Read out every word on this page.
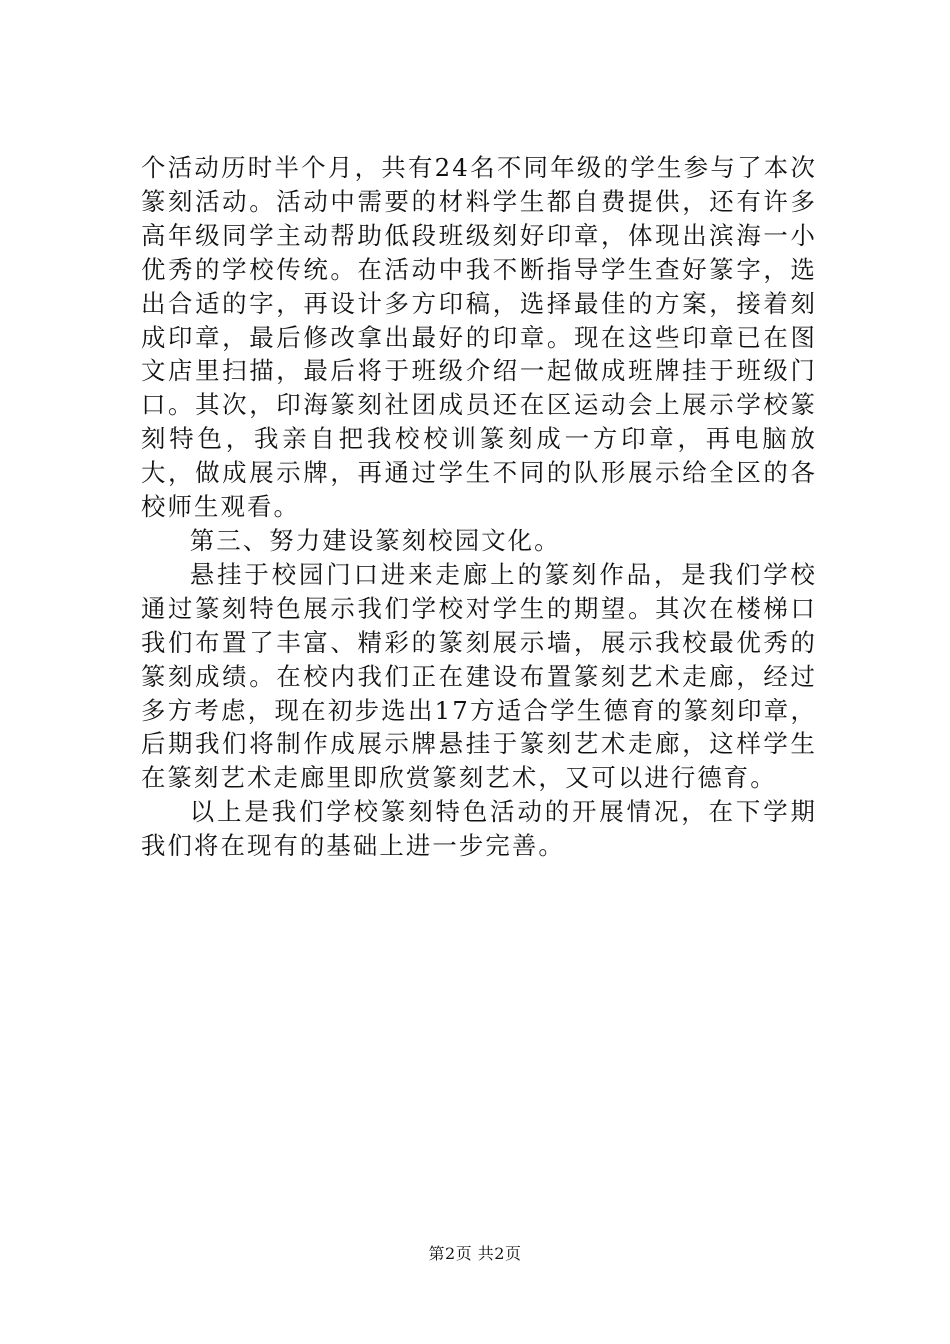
个活动历时半个月，共有24名不同年级的学生参与了本次篆刻活动。活动中需要的材料学生都自费提供，还有许多高年级同学主动帮助低段班级刻好印章，体现出滨海一小优秀的学校传统。在活动中我不断指导学生查好篆字，选出合适的字，再设计多方印稿，选择最佳的方案，接着刻成印章，最后修改拿出最好的印章。现在这些印章已在图文店里扫描，最后将于班级介绍一起做成班牌挂于班级门口。其次，印海篆刻社团成员还在区运动会上展示学校篆刻特色，我亲自把我校校训篆刻成一方印章，再电脑放大，做成展示牌，再通过学生不同的队形展示给全区的各校师生观看。

第三、努力建设篆刻校园文化。

悬挂于校园门口进来走廊上的篆刻作品，是我们学校通过篆刻特色展示我们学校对学生的期望。其次在楼梯口我们布置了丰富、精彩的篆刻展示墙，展示我校最优秀的篆刻成绩。在校内我们正在建设布置篆刻艺术走廊，经过多方考虑，现在初步选出17方适合学生德育的篆刻印章，后期我们将制作成展示牌悬挂于篆刻艺术走廊，这样学生在篆刻艺术走廊里即欣赏篆刻艺术，又可以进行德育。

以上是我们学校篆刻特色活动的开展情况，在下学期我们将在现有的基础上进一步完善。

第2页 共2页
